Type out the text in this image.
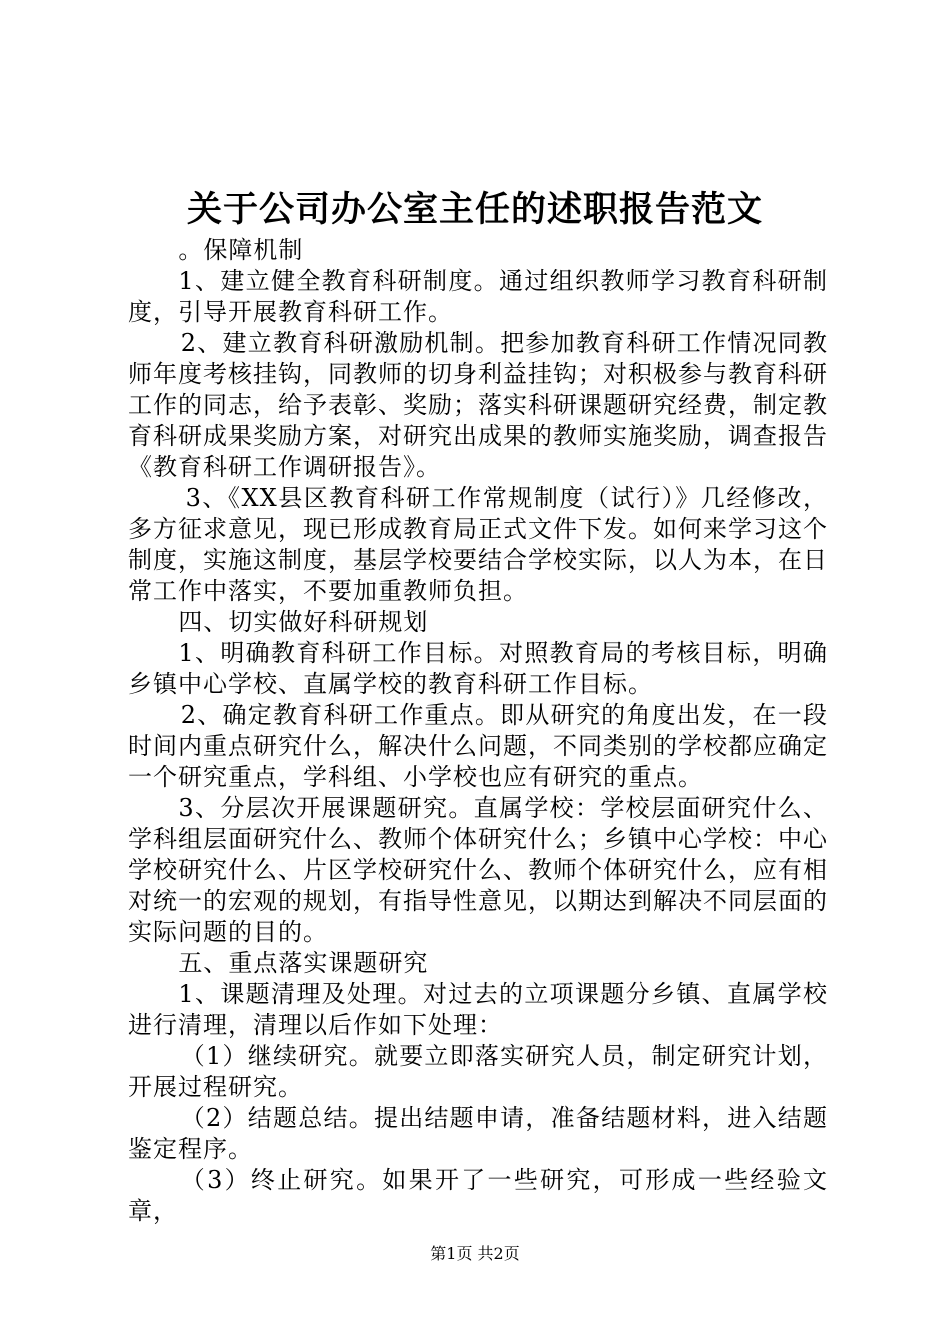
关于公司办公室主任的述职报告范文

。保障机制

1、建立健全教育科研制度。通过组织教师学习教育科研制度，引导开展教育科研工作。

2、建立教育科研激励机制。把参加教育科研工作情况同教师年度考核挂钩，同教师的切身利益挂钩；对积极参与教育科研工作的同志，给予表彰、奖励；落实科研课题研究经费，制定教育科研成果奖励方案，对研究出成果的教师实施奖励，调查报告《教育科研工作调研报告》。

3、《XX县区教育科研工作常规制度（试行）》几经修改，多方征求意见，现已形成教育局正式文件下发。如何来学习这个制度，实施这制度，基层学校要结合学校实际，以人为本，在日常工作中落实，不要加重教师负担。

四、切实做好科研规划

1、明确教育科研工作目标。对照教育局的考核目标，明确乡镇中心学校、直属学校的教育科研工作目标。

2、确定教育科研工作重点。即从研究的角度出发，在一段时间内重点研究什么，解决什么问题，不同类别的学校都应确定一个研究重点，学科组、小学校也应有研究的重点。

3、分层次开展课题研究。直属学校：学校层面研究什么、学科组层面研究什么、教师个体研究什么；乡镇中心学校：中心学校研究什么、片区学校研究什么、教师个体研究什么，应有相对统一的宏观的规划，有指导性意见，以期达到解决不同层面的实际问题的目的。

五、重点落实课题研究

1、课题清理及处理。对过去的立项课题分乡镇、直属学校进行清理，清理以后作如下处理：

（1）继续研究。就要立即落实研究人员，制定研究计划，开展过程研究。

（2）结题总结。提出结题申请，准备结题材料，进入结题鉴定程序。

（3）终止研究。如果开了一些研究，可形成一些经验文章，

第1页 共2页
